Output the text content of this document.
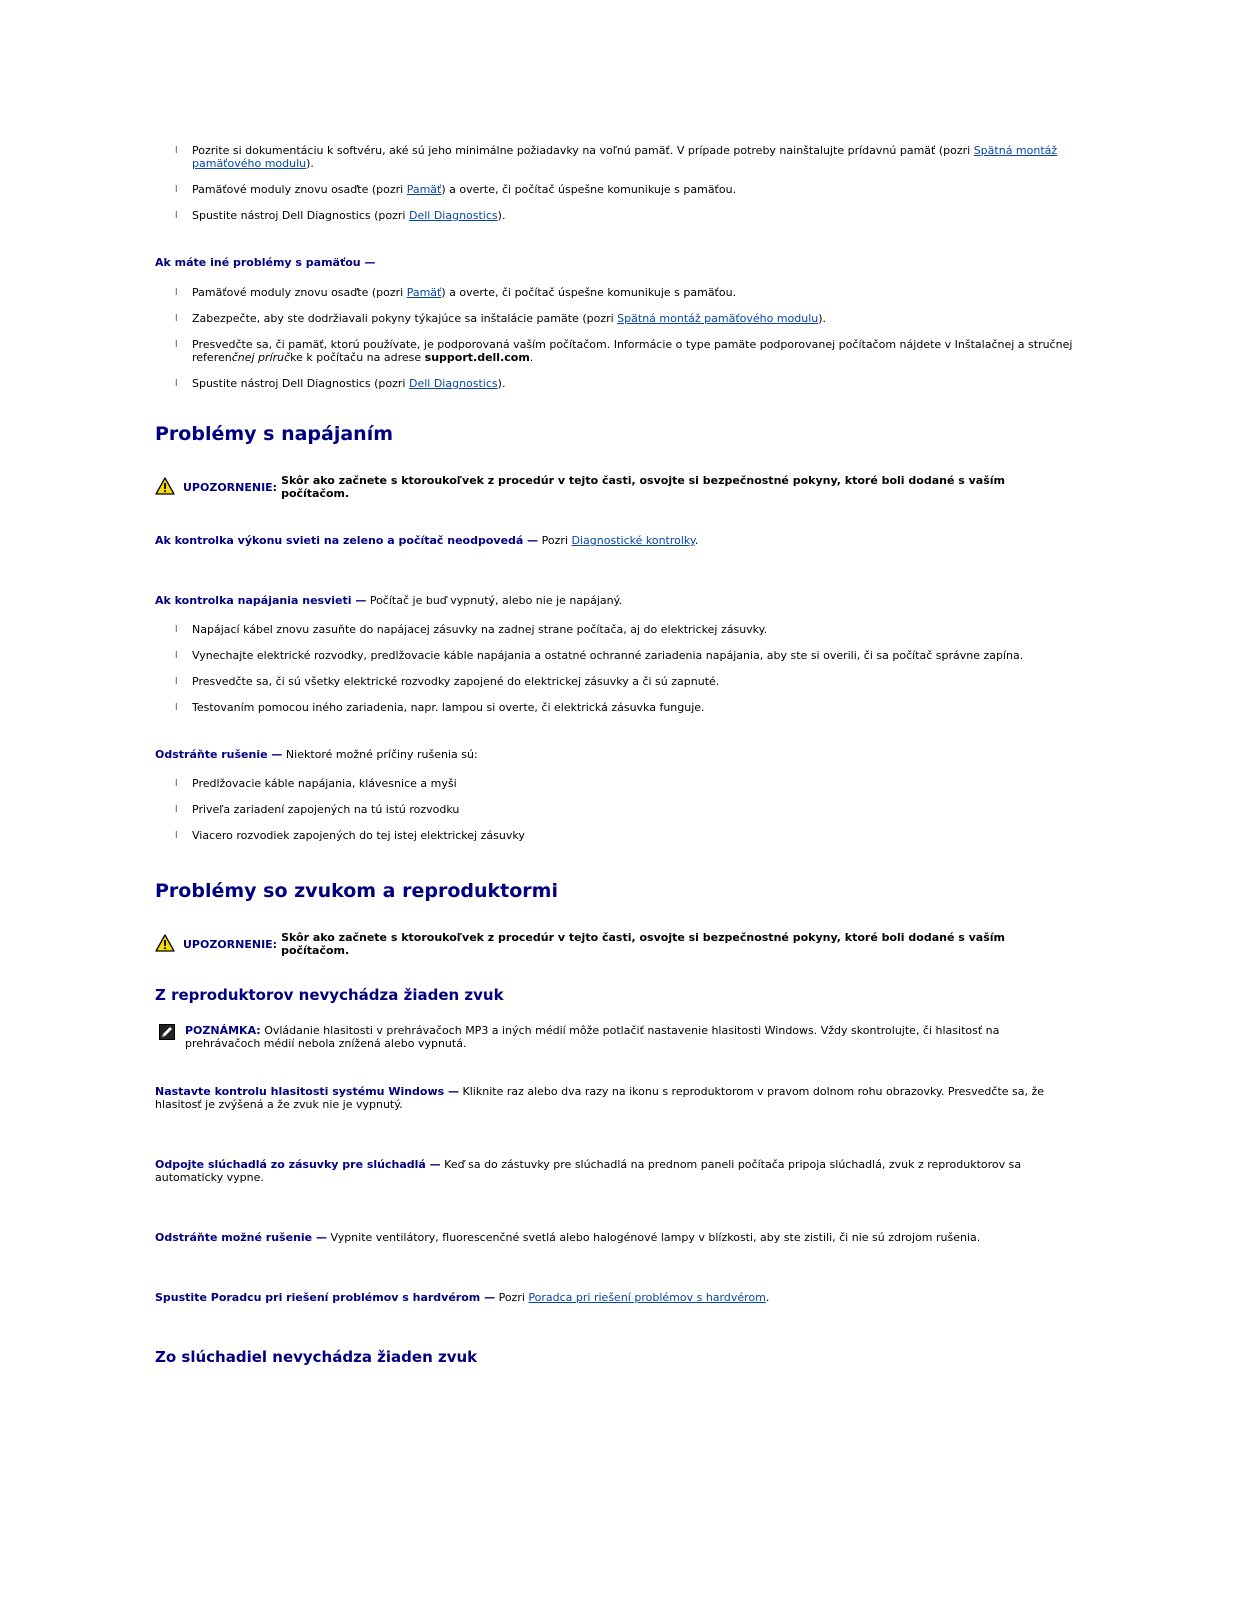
l Pozrite si dokumentáciu k softvéru, aké sú jeho minimálne požiadavky na voľnú pamäť. V prípade potreby nainštalujte prídavnú pamäť (pozri Spätná montáž pamäťového modulu).
l Pamäťové moduly znovu osaďte (pozri Pamäť) a overte, či počítač úspešne komunikuje s pamäťou.
l Spustite nástroj Dell Diagnostics (pozri Dell Diagnostics).
Ak máte iné problémy s pamäťou —
l Pamäťové moduly znovu osaďte (pozri Pamäť) a overte, či počítač úspešne komunikuje s pamäťou.
l Zabezpečte, aby ste dodržiavali pokyny týkajúce sa inštalácie pamäte (pozri Spätná montáž pamäťového modulu).
l Presvedčte sa, či pamäť, ktorú používate, je podporovaná vaším počítačom. Informácie o type pamäte podporovanej počítačom nájdete v Inštalačnej a stručnej referenčnej príručke k počítaču na adrese support.dell.com.
l Spustite nástroj Dell Diagnostics (pozri Dell Diagnostics).
Problémy s napájaním
UPOZORNENIE: Skôr ako začnete s ktoroukoľvek z procedúr v tejto časti, osvojte si bezpečnostné pokyny, ktoré boli dodané s vaším počítačom.
Ak kontrolka výkonu svieti na zeleno a počítač neodpovedá — Pozri Diagnostické kontrolky.
Ak kontrolka napájania nesvieti — Počítač je buď vypnutý, alebo nie je napájaný.
l Napájací kábel znovu zasuňte do napájacej zásuvky na zadnej strane počítača, aj do elektrickej zásuvky.
l Vynechajte elektrické rozvodky, predlžovacie káble napájania a ostatné ochranné zariadenia napájania, aby ste si overili, či sa počítač správne zapína.
l Presvedčte sa, či sú všetky elektrické rozvodky zapojené do elektrickej zásuvky a či sú zapnuté.
l Testovaním pomocou iného zariadenia, napr. lampou si overte, či elektrická zásuvka funguje.
Odstráňte rušenie — Niektoré možné príčiny rušenia sú:
l Predlžovacie káble napájania, klávesnice a myši
l Priveľa zariadení zapojených na tú istú rozvodku
l Viacero rozvodiek zapojených do tej istej elektrickej zásuvky
Problémy so zvukom a reproduktormi
UPOZORNENIE: Skôr ako začnete s ktoroukoľvek z procedúr v tejto časti, osvojte si bezpečnostné pokyny, ktoré boli dodané s vaším počítačom.
Z reproduktorov nevychádza žiaden zvuk
POZNÁMKA: Ovládanie hlasitosti v prehrávačoch MP3 a iných médií môže potlačiť nastavenie hlasitosti Windows. Vždy skontrolujte, či hlasitosť na prehrávačoch médií nebola znížená alebo vypnutá.
Nastavte kontrolu hlasitosti systému Windows — Kliknite raz alebo dva razy na ikonu s reproduktorom v pravom dolnom rohu obrazovky. Presvedčte sa, že hlasitosť je zvýšená a že zvuk nie je vypnutý.
Odpojte slúchadlá zo zásuvky pre slúchadlá — Keď sa do zástuvky pre slúchadlá na prednom paneli počítača pripoja slúchadlá, zvuk z reproduktorov sa automaticky vypne.
Odstráňte možné rušenie — Vypnite ventilátory, fluorescenčné svetlá alebo halogénové lampy v blízkosti, aby ste zistili, či nie sú zdrojom rušenia.
Spustite Poradcu pri riešení problémov s hardvérom — Pozri Poradca pri riešení problémov s hardvérom.
Zo slúchadiel nevychádza žiaden zvuk
